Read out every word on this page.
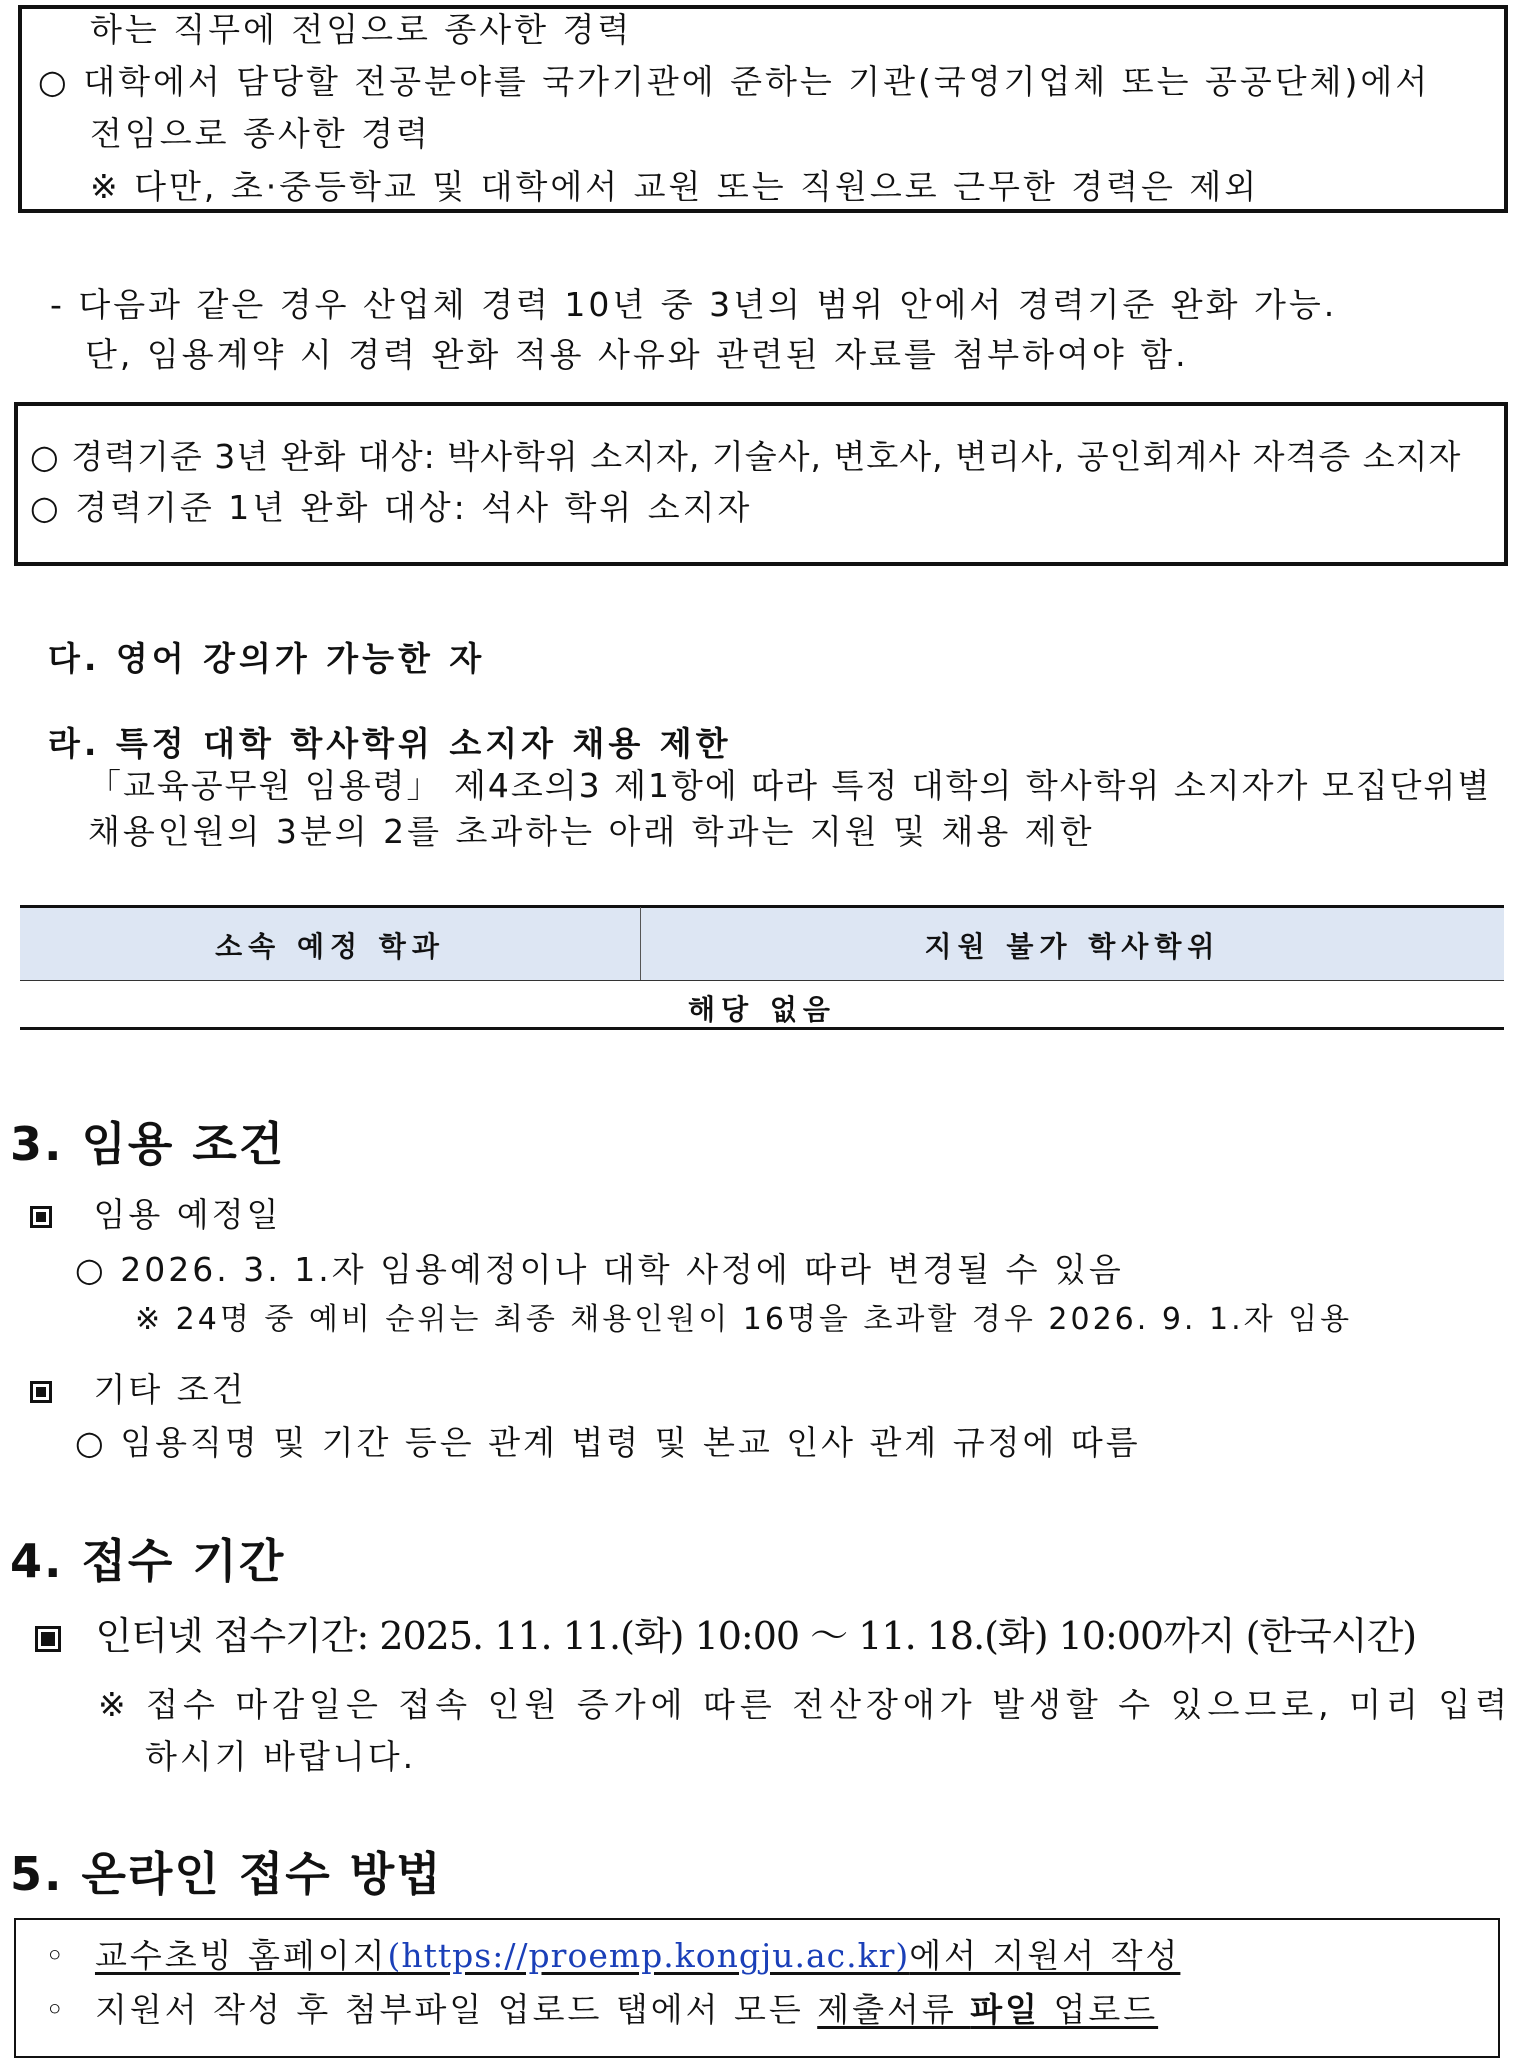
하는 직무에 전임으로 종사한 경력
○ 대학에서 담당할 전공분야를 국가기관에 준하는 기관(국영기업체 또는 공공단체)에서
전임으로 종사한 경력
※ 다만, 초·중등학교 및 대학에서 교원 또는 직원으로 근무한 경력은 제외
- 다음과 같은 경우 산업체 경력 10년 중 3년의 범위 안에서 경력기준 완화 가능.
단, 임용계약 시 경력 완화 적용 사유와 관련된 자료를 첨부하여야 함.
○ 경력기준 3년 완화 대상: 박사학위 소지자, 기술사, 변호사, 변리사, 공인회계사 자격증 소지자
○ 경력기준 1년 완화 대상: 석사 학위 소지자
다. 영어 강의가 가능한 자
라. 특정 대학 학사학위 소지자 채용 제한
「교육공무원 임용령」 제4조의3 제1항에 따라 특정 대학의 학사학위 소지자가 모집단위별
채용인원의 3분의 2를 초과하는 아래 학과는 지원 및 채용 제한
소속 예정 학과	지원 불가 학사학위
해당 없음
3. 임용 조건
임용 예정일
○ 2026. 3. 1.자 임용예정이나 대학 사정에 따라 변경될 수 있음
※ 24명 중 예비 순위는 최종 채용인원이 16명을 초과할 경우 2026. 9. 1.자 임용
기타 조건
○ 임용직명 및 기간 등은 관계 법령 및 본교 인사 관계 규정에 따름
4. 접수 기간
인터넷 접수기간: 2025. 11. 11.(화) 10:00 ～ 11. 18.(화) 10:00까지 (한국시간)
※ 접수 마감일은 접속 인원 증가에 따른 전산장애가 발생할 수 있으므로, 미리 입력
하시기 바랍니다.
5. 온라인 접수 방법
◦ 교수초빙 홈페이지(https://proemp.kongju.ac.kr)에서 지원서 작성
◦ 지원서 작성 후 첨부파일 업로드 탭에서 모든 제출서류 파일 업로드
